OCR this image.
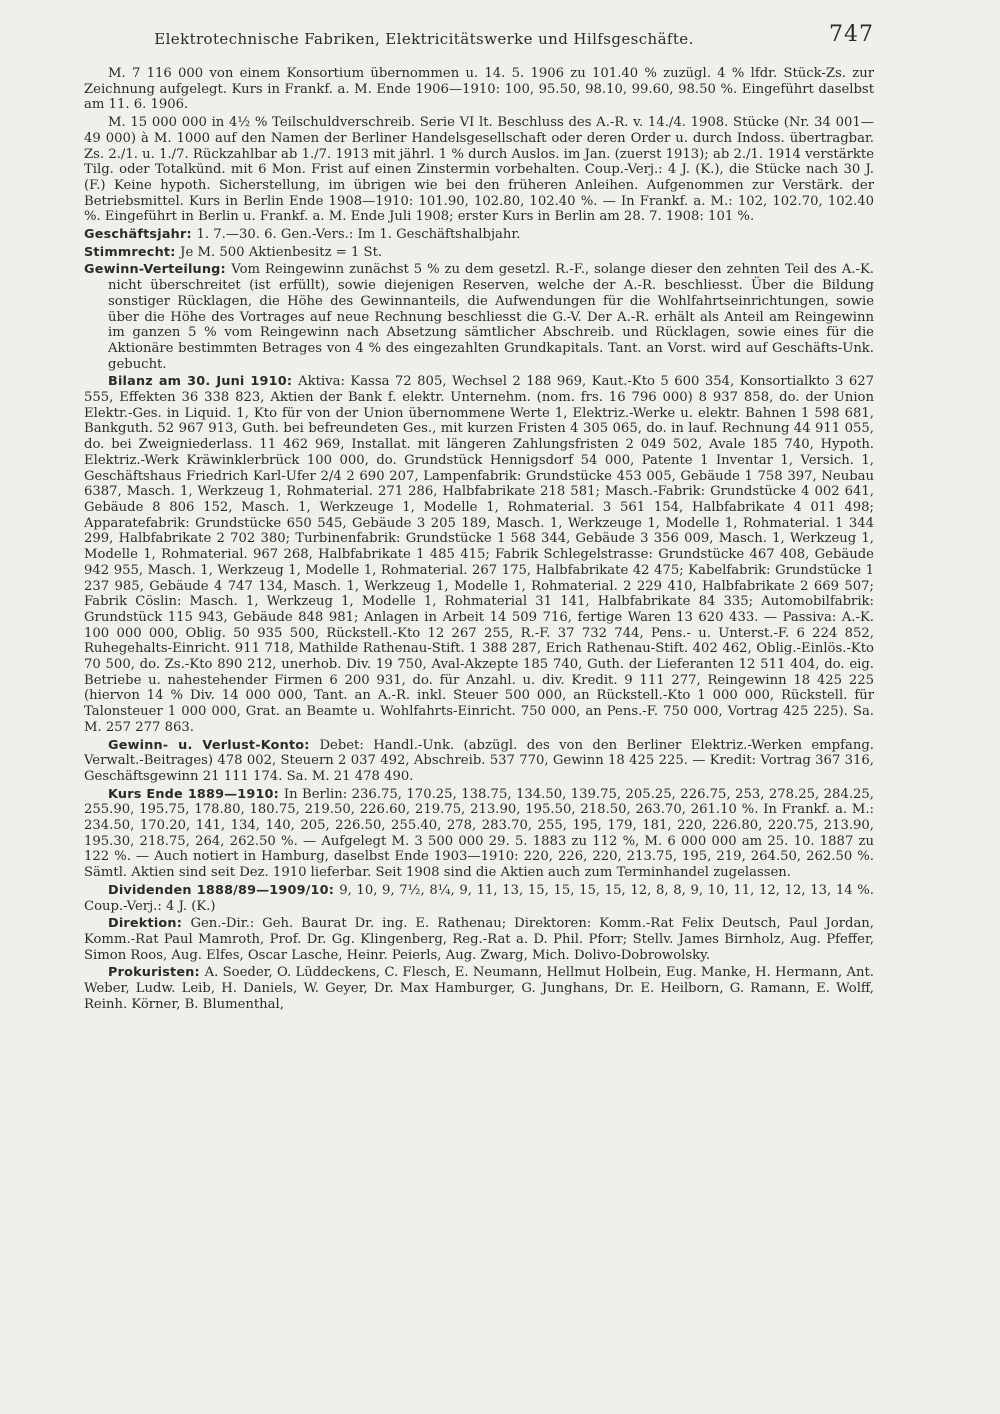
Elektrotechnische Fabriken, Elektricitätswerke und Hilfsgeschäfte.	747

M. 7 116 000 von einem Konsortium übernommen u. 14. 5. 1906 zu 101.40 % zuzügl. 4 % lfdr. Stück-Zs. zur Zeichnung aufgelegt. Kurs in Frankf. a. M. Ende 1906—1910: 100, 95.50, 98.10, 99.60, 98.50 %. Eingeführt daselbst am 11. 6. 1906.

M. 15 000 000 in 4½ % Teilschuldverschreib. Serie VI lt. Beschluss des A.-R. v. 14./4. 1908. Stücke (Nr. 34 001—49 000) à M. 1000 auf den Namen der Berliner Handelsgesellschaft oder deren Order u. durch Indoss. übertragbar. Zs. 2./1. u. 1./7. Rückzahlbar ab 1./7. 1913 mit jährl. 1 % durch Auslos. im Jan. (zuerst 1913); ab 2./1. 1914 verstärkte Tilg. oder Totalkünd. mit 6 Mon. Frist auf einen Zinstermin vorbehalten. Coup.-Verj.: 4 J. (K.), die Stücke nach 30 J. (F.) Keine hypoth. Sicherstellung, im übrigen wie bei den früheren Anleihen. Aufgenommen zur Verstärk. der Betriebsmittel. Kurs in Berlin Ende 1908—1910: 101.90, 102.80, 102.40 %. — In Frankf. a. M.: 102, 102.70, 102.40 %. Eingeführt in Berlin u. Frankf. a. M. Ende Juli 1908; erster Kurs in Berlin am 28. 7. 1908: 101 %.

Geschäftsjahr: 1. 7.—30. 6. Gen.-Vers.: Im 1. Geschäftshalbjahr.

Stimmrecht: Je M. 500 Aktienbesitz = 1 St.

Gewinn-Verteilung: Vom Reingewinn zunächst 5 % zu dem gesetzl. R.-F., solange dieser den zehnten Teil des A.-K. nicht überschreitet (ist erfüllt), sowie diejenigen Reserven, welche der A.-R. beschliesst. Über die Bildung sonstiger Rücklagen, die Höhe des Gewinnanteils, die Aufwendungen für die Wohlfahrtseinrichtungen, sowie über die Höhe des Vortrages auf neue Rechnung beschliesst die G.-V. Der A.-R. erhält als Anteil am Reingewinn im ganzen 5 % vom Reingewinn nach Absetzung sämtlicher Abschreib. und Rücklagen, sowie eines für die Aktionäre bestimmten Betrages von 4 % des eingezahlten Grundkapitals. Tant. an Vorst. wird auf Geschäfts-Unk. gebucht.

Bilanz am 30. Juni 1910: Aktiva: Kassa 72 805, Wechsel 2 188 969, Kaut.-Kto 5 600 354, Konsortialkto 3 627 555, Effekten 36 338 823, Aktien der Bank f. elektr. Unternehm. (nom. frs. 16 796 000) 8 937 858, do. der Union Elektr.-Ges. in Liquid. 1, Kto für von der Union übernommene Werte 1, Elektriz.-Werke u. elektr. Bahnen 1 598 681, Bankguth. 52 967 913, Guth. bei befreundeten Ges., mit kurzen Fristen 4 305 065, do. in lauf. Rechnung 44 911 055, do. bei Zweigniederlass. 11 462 969, Installat. mit längeren Zahlungsfristen 2 049 502, Avale 185 740, Hypoth. Elektriz.-Werk Kräwinklerbrück 100 000, do. Grundstück Hennigsdorf 54 000, Patente 1 Inventar 1, Versich. 1, Geschäftshaus Friedrich Karl-Ufer 2/4 2 690 207, Lampenfabrik: Grundstücke 453 005, Gebäude 1 758 397, Neubau 6387, Masch. 1, Werkzeug 1, Rohmaterial. 271 286, Halbfabrikate 218 581; Masch.-Fabrik: Grundstücke 4 002 641, Gebäude 8 806 152, Masch. 1, Werkzeuge 1, Modelle 1, Rohmaterial. 3 561 154, Halbfabrikate 4 011 498; Apparatefabrik: Grundstücke 650 545, Gebäude 3 205 189, Masch. 1, Werkzeuge 1, Modelle 1, Rohmaterial. 1 344 299, Halbfabrikate 2 702 380; Turbinenfabrik: Grundstücke 1 568 344, Gebäude 3 356 009, Masch. 1, Werkzeug 1, Modelle 1, Rohmaterial. 967 268, Halbfabrikate 1 485 415; Fabrik Schlegelstrasse: Grundstücke 467 408, Gebäude 942 955, Masch. 1, Werkzeug 1, Modelle 1, Rohmaterial. 267 175, Halbfabrikate 42 475; Kabelfabrik: Grundstücke 1 237 985, Gebäude 4 747 134, Masch. 1, Werkzeug 1, Modelle 1, Rohmaterial. 2 229 410, Halbfabrikate 2 669 507; Fabrik Cöslin: Masch. 1, Werkzeug 1, Modelle 1, Rohmaterial 31 141, Halbfabrikate 84 335; Automobilfabrik: Grundstück 115 943, Gebäude 848 981; Anlagen in Arbeit 14 509 716, fertige Waren 13 620 433. — Passiva: A.-K. 100 000 000, Oblig. 50 935 500, Rückstell.-Kto 12 267 255, R.-F. 37 732 744, Pens.- u. Unterst.-F. 6 224 852, Ruhegehalts-Einricht. 911 718, Mathilde Rathenau-Stift. 1 388 287, Erich Rathenau-Stift. 402 462, Oblig.-Einlös.-Kto 70 500, do. Zs.-Kto 890 212, unerhob. Div. 19 750, Aval-Akzepte 185 740, Guth. der Lieferanten 12 511 404, do. eig. Betriebe u. nahestehender Firmen 6 200 931, do. für Anzahl. u. div. Kredit. 9 111 277, Reingewinn 18 425 225 (hiervon 14 % Div. 14 000 000, Tant. an A.-R. inkl. Steuer 500 000, an Rückstell.-Kto 1 000 000, Rückstell. für Talonsteuer 1 000 000, Grat. an Beamte u. Wohlfahrts-Einricht. 750 000, an Pens.-F. 750 000, Vortrag 425 225). Sa. M. 257 277 863.

Gewinn- u. Verlust-Konto: Debet: Handl.-Unk. (abzügl. des von den Berliner Elektriz.-Werken empfang. Verwalt.-Beitrages) 478 002, Steuern 2 037 492, Abschreib. 537 770, Gewinn 18 425 225. — Kredit: Vortrag 367 316, Geschäftsgewinn 21 111 174. Sa. M. 21 478 490.

Kurs Ende 1889—1910: In Berlin: 236.75, 170.25, 138.75, 134.50, 139.75, 205.25, 226.75, 253, 278.25, 284.25, 255.90, 195.75, 178.80, 180.75, 219.50, 226.60, 219.75, 213.90, 195.50, 218.50, 263.70, 261.10 %. In Frankf. a. M.: 234.50, 170.20, 141, 134, 140, 205, 226.50, 255.40, 278, 283.70, 255, 195, 179, 181, 220, 226.80, 220.75, 213.90, 195.30, 218.75, 264, 262.50 %. — Aufgelegt M. 3 500 000 29. 5. 1883 zu 112 %, M. 6 000 000 am 25. 10. 1887 zu 122 %. — Auch notiert in Hamburg, daselbst Ende 1903—1910: 220, 226, 220, 213.75, 195, 219, 264.50, 262.50 %. Sämtl. Aktien sind seit Dez. 1910 lieferbar. Seit 1908 sind die Aktien auch zum Terminhandel zugelassen.

Dividenden 1888/89—1909/10: 9, 10, 9, 7½, 8¼, 9, 11, 13, 15, 15, 15, 15, 12, 8, 8, 9, 10, 11, 12, 12, 13, 14 %. Coup.-Verj.: 4 J. (K.)

Direktion: Gen.-Dir.: Geh. Baurat Dr. ing. E. Rathenau; Direktoren: Komm.-Rat Felix Deutsch, Paul Jordan, Komm.-Rat Paul Mamroth, Prof. Dr. Gg. Klingenberg, Reg.-Rat a. D. Phil. Pforr; Stellv. James Birnholz, Aug. Pfeffer, Simon Roos, Aug. Elfes, Oscar Lasche, Heinr. Peierls, Aug. Zwarg, Mich. Dolivo-Dobrowolsky.

Prokuristen: A. Soeder, O. Lüddeckens, C. Flesch, E. Neumann, Hellmut Holbein, Eug. Manke, H. Hermann, Ant. Weber, Ludw. Leib, H. Daniels, W. Geyer, Dr. Max Hamburger, G. Junghans, Dr. E. Heilborn, G. Ramann, E. Wolff, Reinh. Körner, B. Blumenthal,
